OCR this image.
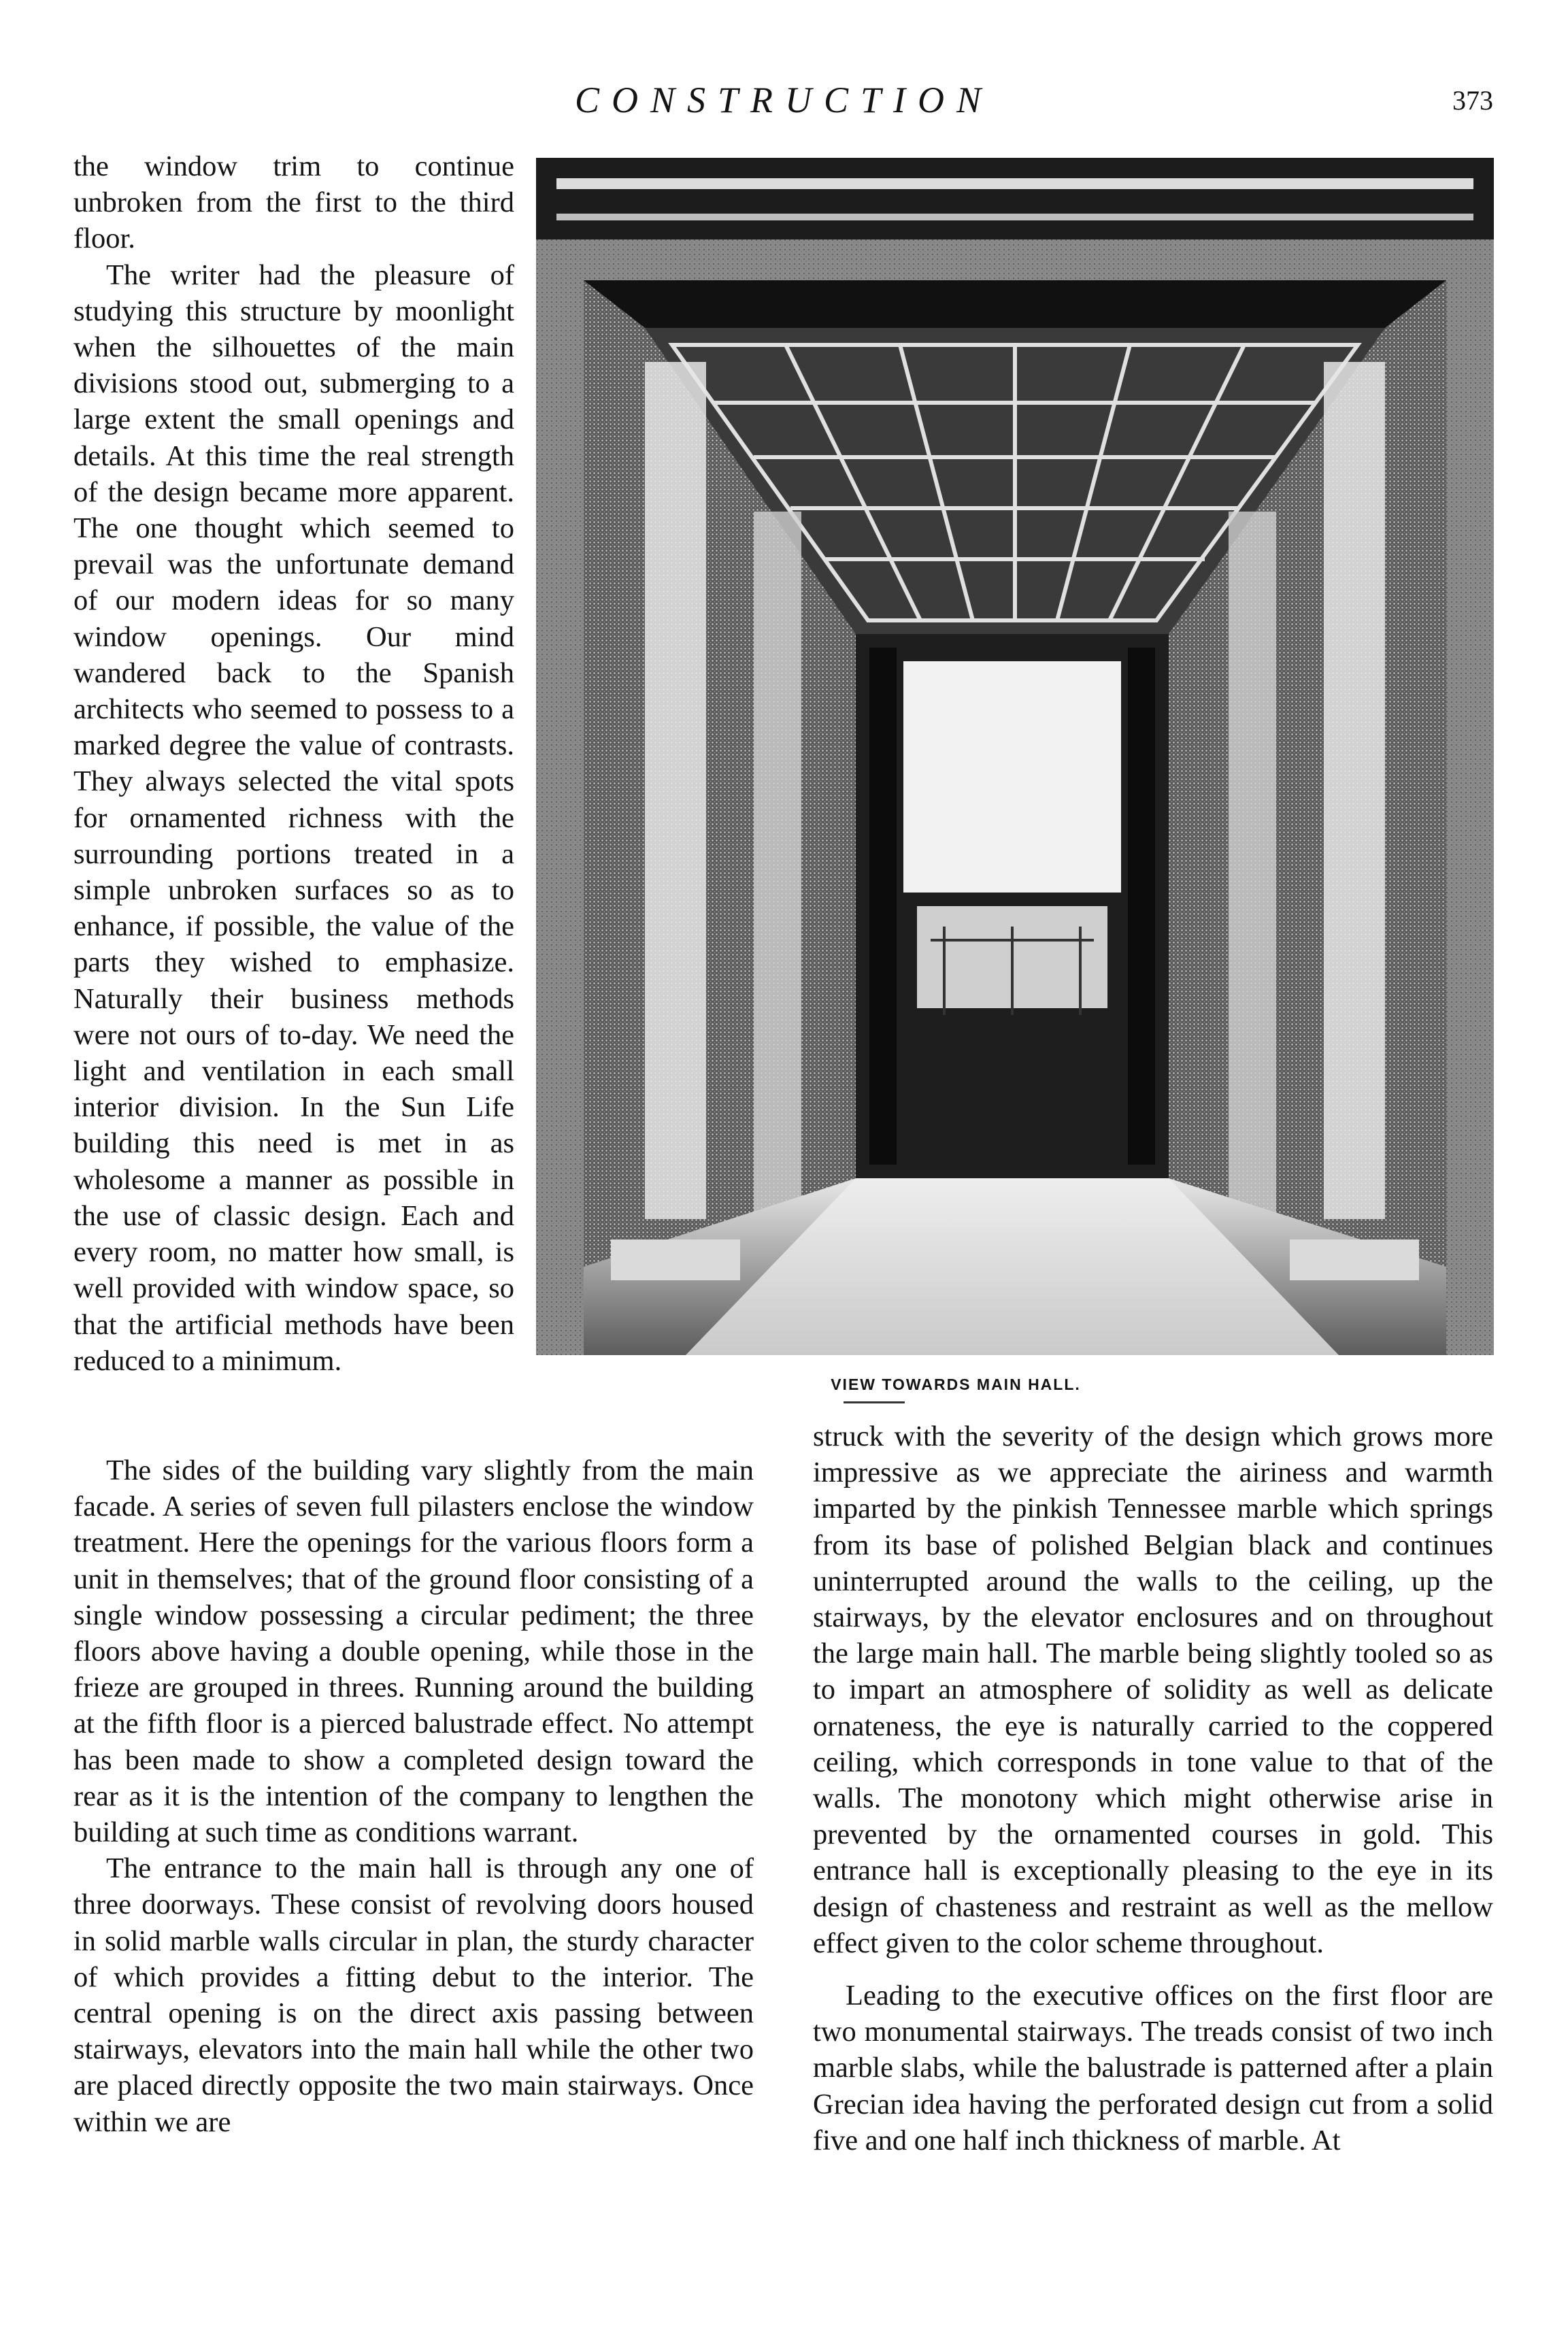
CONSTRUCTION	373

the window trim to continue unbroken from the first to the third floor.

The writer had the pleasure of studying this structure by moonlight when the silhouettes of the main divisions stood out, submerging to a large extent the small openings and details. At this time the real strength of the design became more apparent. The one thought which seemed to prevail was the unfortunate demand of our modern ideas for so many window openings. Our mind wandered back to the Spanish architects who seemed to possess to a marked degree the value of contrasts. They always selected the vital spots for ornamented richness with the surrounding portions treated in a simple unbroken surfaces so as to enhance, if possible, the value of the parts they wished to emphasize. Naturally their business methods were not ours of to-day. We need the light and ventilation in each small interior division. In the Sun Life building this need is met in as wholesome a manner as possible in the use of classic design. Each and every room, no matter how small, is well provided with window space, so that the artificial methods have been reduced to a minimum.

VIEW TOWARDS MAIN HALL.

The sides of the building vary slightly from the main facade. A series of seven full pilasters enclose the window treatment. Here the openings for the various floors form a unit in themselves; that of the ground floor consisting of a single window possessing a circular pediment; the three floors above having a double opening, while those in the frieze are grouped in threes. Running around the building at the fifth floor is a pierced balustrade effect. No attempt has been made to show a completed design toward the rear as it is the intention of the company to lengthen the building at such time as conditions warrant.

The entrance to the main hall is through any one of three doorways. These consist of revolving doors housed in solid marble walls circular in plan, the sturdy character of which provides a fitting debut to the interior. The central opening is on the direct axis passing between stairways, elevators into the main hall while the other two are placed directly opposite the two main stairways. Once within we are

struck with the severity of the design which grows more impressive as we appreciate the airiness and warmth imparted by the pinkish Tennessee marble which springs from its base of polished Belgian black and continues uninterrupted around the walls to the ceiling, up the stairways, by the elevator enclosures and on throughout the large main hall. The marble being slightly tooled so as to impart an atmosphere of solidity as well as delicate ornateness, the eye is naturally carried to the coppered ceiling, which corresponds in tone value to that of the walls. The monotony which might otherwise arise in prevented by the ornamented courses in gold. This entrance hall is exceptionally pleasing to the eye in its design of chasteness and restraint as well as the mellow effect given to the color scheme throughout.

Leading to the executive offices on the first floor are two monumental stairways. The treads consist of two inch marble slabs, while the balustrade is patterned after a plain Grecian idea having the perforated design cut from a solid five and one half inch thickness of marble. At
